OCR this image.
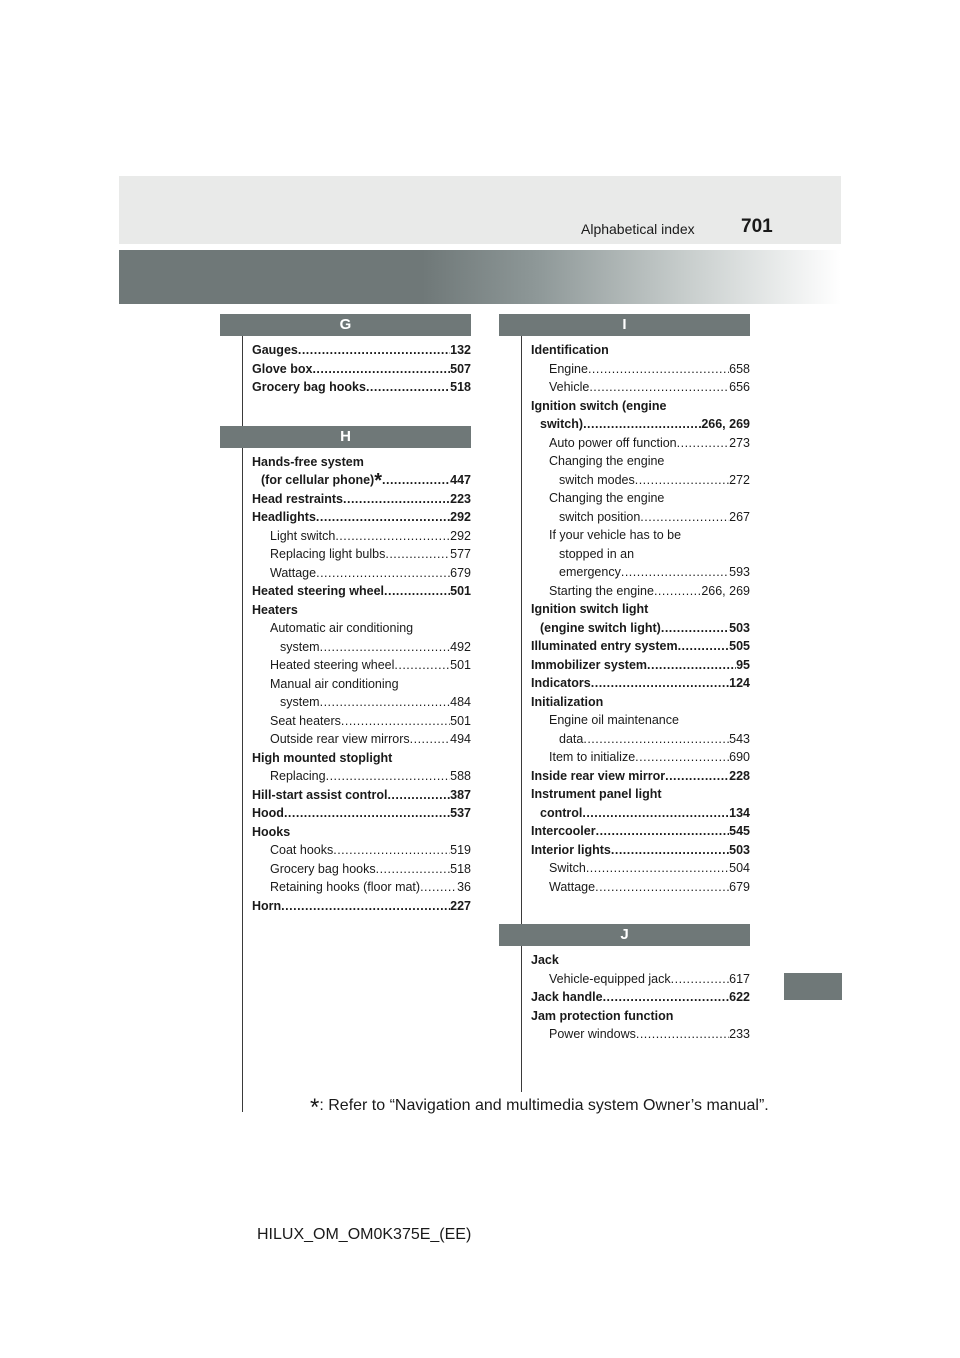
Alphabetical index 701
G
Gauges .....	132
Glove box .....	507
Grocery bag hooks .....	518
H
Hands-free system
(for cellular phone)* .....	447
Head restraints .....	223
Headlights .....	292
Light switch .....	292
Replacing light bulbs .....	577
Wattage .....	679
Heated steering wheel .....	501
Heaters
Automatic air conditioning
system .....	492
Heated steering wheel .....	501
Manual air conditioning
system .....	484
Seat heaters .....	501
Outside rear view mirrors .....	494
High mounted stoplight
Replacing .....	588
Hill-start assist control .....	387
Hood .....	537
Hooks
Coat hooks .....	519
Grocery bag hooks .....	518
Retaining hooks (floor mat) .....	36
Horn .....	227
I
Identification
Engine .....	658
Vehicle .....	656
Ignition switch (engine
switch) .....	266, 269
Auto power off function .....	273
Changing the engine
switch modes .....	272
Changing the engine
switch position .....	267
If your vehicle has to be
stopped in an
emergency .....	593
Starting the engine .....	266, 269
Ignition switch light
(engine switch light) .....	503
Illuminated entry system .....	505
Immobilizer system .....	95
Indicators .....	124
Initialization
Engine oil maintenance
data .....	543
Item to initialize .....	690
Inside rear view mirror .....	228
Instrument panel light
control .....	134
Intercooler .....	545
Interior lights .....	503
Switch .....	504
Wattage .....	679
J
Jack
Vehicle-equipped jack .....	617
Jack handle .....	622
Jam protection function
Power windows .....	233
*: Refer to “Navigation and multimedia system Owner’s manual”.
HILUX_OM_OM0K375E_(EE)
